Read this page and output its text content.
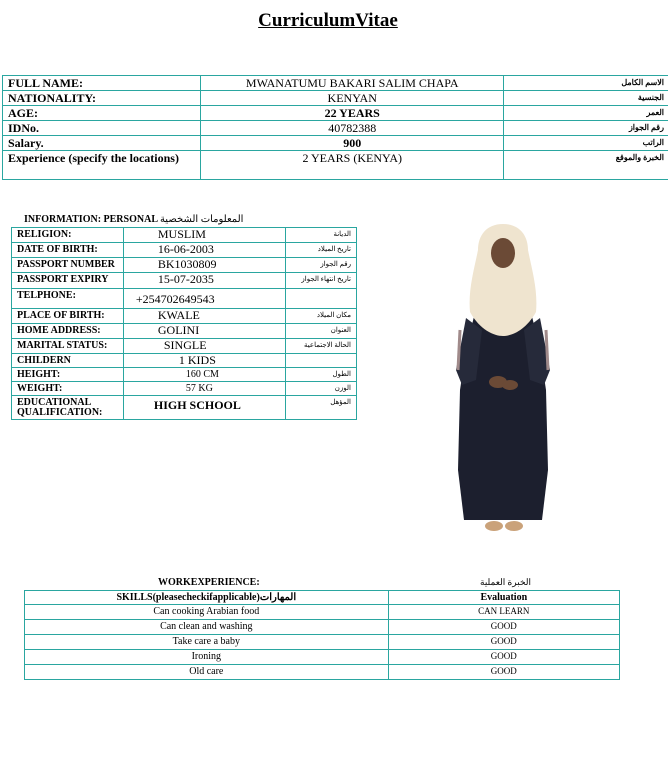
CurriculumVitae
FULL NAME:	MWANATUMU BAKARI SALIM CHAPA	الاسم الكامل
NATIONALITY:	KENYAN	الجنسية
AGE:	22 YEARS	العمر
IDNo.	40782388	رقم الجواز
Salary.	900	الراتب
Experience (specify the locations)	2 YEARS (KENYA)	الخبرة والموقع
INFORMATION: PERSONAL المعلومات الشخصية
RELIGION:	MUSLIM	الديانة
DATE OF BIRTH:	16-06-2003	تاريخ الميلاد
PASSPORT NUMBER	BK1030809	رقم الجواز
PASSPORT EXPIRY	15-07-2035	تاريخ انتهاء الجواز
TELPHONE:	+254702649543	
PLACE OF BIRTH:	KWALE	مكان الميلاد
HOME ADDRESS:	GOLINI	العنوان
MARITAL STATUS:	SINGLE	الحالة الاجتماعية
CHILDERN	1 KIDS	
HEIGHT:	160 CM	الطول
WEIGHT:	57 KG	الوزن
EDUCATIONAL QUALIFICATION:	HIGH SCHOOL	المؤهل
WORKEXPERIENCE:	الخبرة العملية
SKILLS(pleasecheckifapplicable)المهارات	Evaluation
Can cooking Arabian food	CAN LEARN
Can clean and washing	GOOD
Take care a baby	GOOD
Ironing	GOOD
Old care	GOOD
